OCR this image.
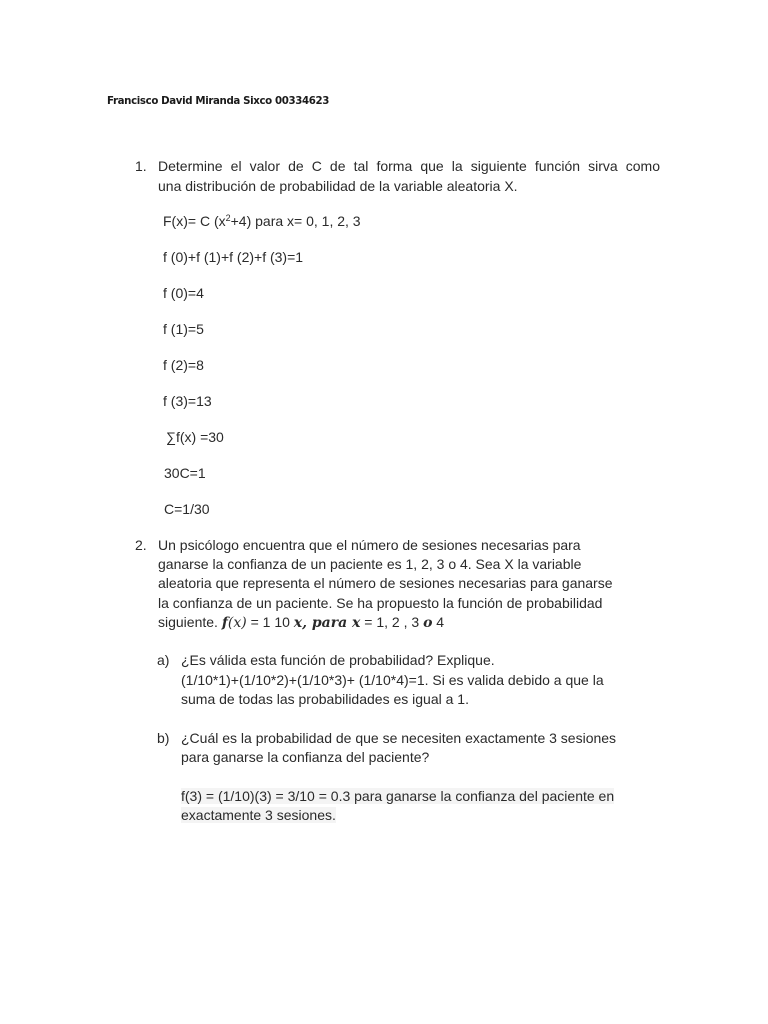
Francisco David Miranda Sixco 00334623
1. Determine el valor de C de tal forma que la siguiente función sirva como
una distribución de probabilidad de la variable aleatoria X.
F(x)= C $(x^2+4)$ para x= 0, 1, 2, 3
f (0)+f (1)+f (2)+f (3)=1
f (0)=4
f (1)=5
f (2)=8
f (3)=13
∑f(x) =30
30C=1
C=1/30
2. Un psicólogo encuentra que el número de sesiones necesarias para
ganarse la confianza de un paciente es 1, 2, 3 o 4. Sea X la variable
aleatoria que representa el número de sesiones necesarias para ganarse
la confianza de un paciente. Se ha propuesto la función de probabilidad
siguiente. f(x) = 1 10 x, para x = 1, 2 , 3 o 4
a) ¿Es válida esta función de probabilidad? Explique.
(1/10*1)+(1/10*2)+(1/10*3)+ (1/10*4)=1. Si es valida debido a que la
suma de todas las probabilidades es igual a 1.
b) ¿Cuál es la probabilidad de que se necesiten exactamente 3 sesiones
para ganarse la confianza del paciente?
f(3) = (1/10)(3) = 3/10 = 0.3 para ganarse la confianza del paciente en
exactamente 3 sesiones.
